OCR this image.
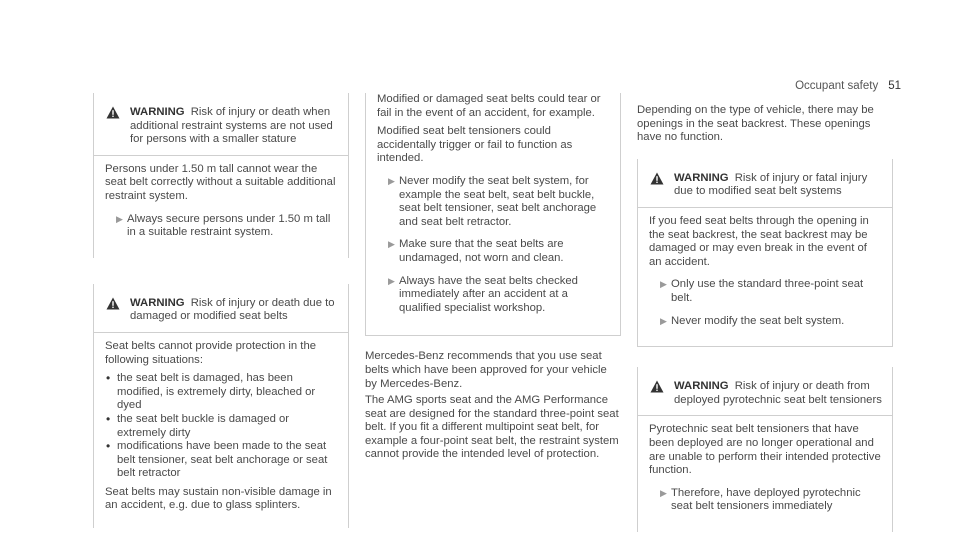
Occupant safety 51
WARNING Risk of injury or death when additional restraint systems are not used for persons with a smaller stature

Persons under 1.50 m tall cannot wear the seat belt correctly without a suitable additional restraint system.

▶ Always secure persons under 1.50 m tall in a suitable restraint system.
WARNING Risk of injury or death due to damaged or modified seat belts

Seat belts cannot provide protection in the following situations:

• the seat belt is damaged, has been modified, is extremely dirty, bleached or dyed
• the seat belt buckle is damaged or extremely dirty
• modifications have been made to the seat belt tensioner, seat belt anchorage or seat belt retractor

Seat belts may sustain non-visible damage in an accident, e.g. due to glass splinters.

Modified or damaged seat belts could tear or fail in the event of an accident, for example.

Modified seat belt tensioners could accidentally trigger or fail to function as intended.

▶ Never modify the seat belt system, for example the seat belt, seat belt buckle, seat belt tensioner, seat belt anchorage and seat belt retractor.
▶ Make sure that the seat belts are undamaged, not worn and clean.
▶ Always have the seat belts checked immediately after an accident at a qualified specialist workshop.

Mercedes-Benz recommends that you use seat belts which have been approved for your vehicle by Mercedes-Benz.

The AMG sports seat and the AMG Performance seat are designed for the standard three-point seat belt. If you fit a different multipoint seat belt, for example a four-point seat belt, the restraint system cannot provide the intended level of protection.

Depending on the type of vehicle, there may be openings in the seat backrest. These openings have no function.

WARNING Risk of injury or fatal injury due to modified seat belt systems

If you feed seat belts through the opening in the seat backrest, the seat backrest may be damaged or may even break in the event of an accident.

▶ Only use the standard three-point seat belt.
▶ Never modify the seat belt system.
WARNING Risk of injury or death from deployed pyrotechnic seat belt tensioners

Pyrotechnic seat belt tensioners that have been deployed are no longer operational and are unable to perform their intended protective function.

▶ Therefore, have deployed pyrotechnic seat belt tensioners immediately
